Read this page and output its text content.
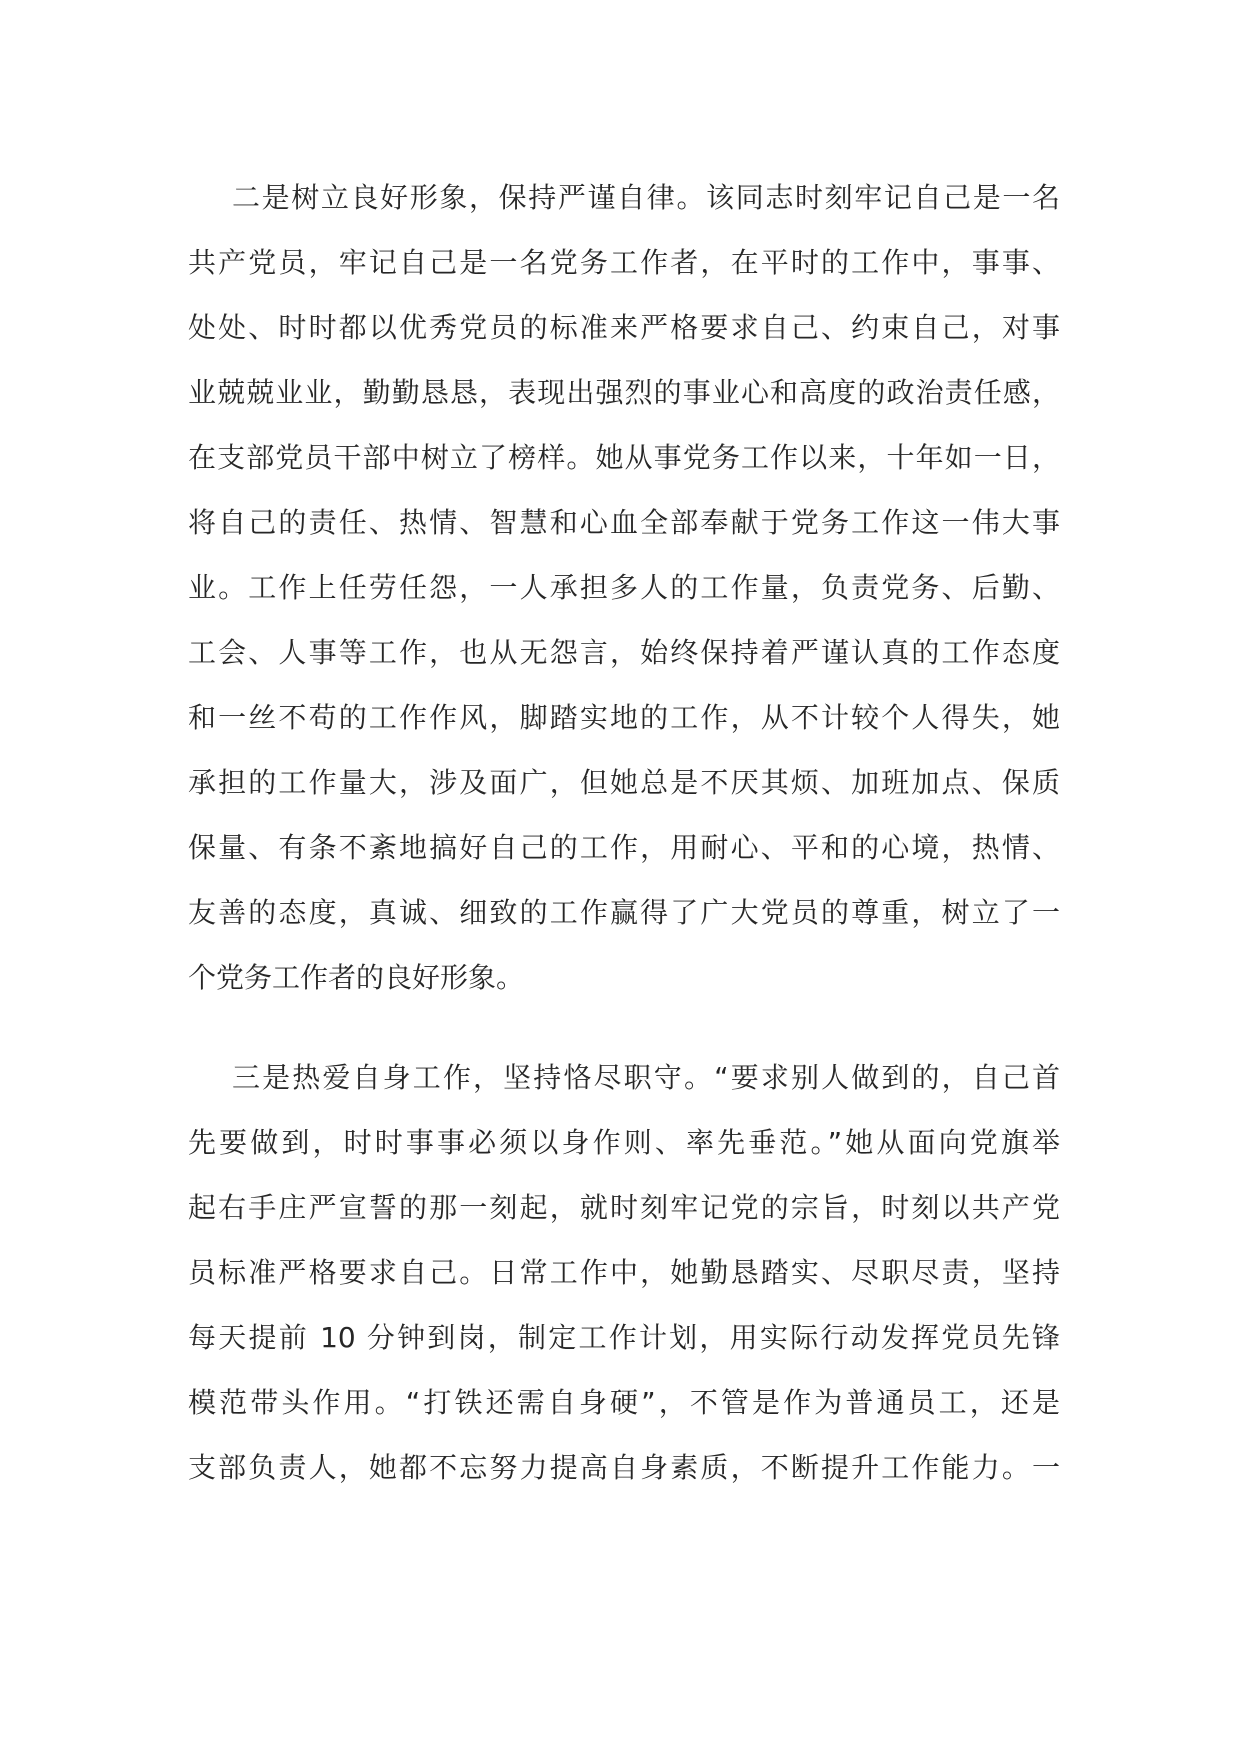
二是树立良好形象，保持严谨自律。该同志时刻牢记自己是一名
共产党员，牢记自己是一名党务工作者，在平时的工作中，事事、
处处、时时都以优秀党员的标准来严格要求自己、约束自己，对事
业兢兢业业，勤勤恳恳，表现出强烈的事业心和高度的政治责任感，
在支部党员干部中树立了榜样。她从事党务工作以来，十年如一日，
将自己的责任、热情、智慧和心血全部奉献于党务工作这一伟大事
业。工作上任劳任怨，一人承担多人的工作量，负责党务、后勤、
工会、人事等工作，也从无怨言，始终保持着严谨认真的工作态度
和一丝不苟的工作作风，脚踏实地的工作，从不计较个人得失，她
承担的工作量大，涉及面广，但她总是不厌其烦、加班加点、保质
保量、有条不紊地搞好自己的工作，用耐心、平和的心境，热情、
友善的态度，真诚、细致的工作赢得了广大党员的尊重，树立了一
个党务工作者的良好形象。
三是热爱自身工作，坚持恪尽职守。“要求别人做到的，自己首
先要做到，时时事事必须以身作则、率先垂范。”她从面向党旗举
起右手庄严宣誓的那一刻起，就时刻牢记党的宗旨，时刻以共产党
员标准严格要求自己。日常工作中，她勤恳踏实、尽职尽责，坚持
每天提前 10 分钟到岗，制定工作计划，用实际行动发挥党员先锋
模范带头作用。“打铁还需自身硬”，不管是作为普通员工，还是
支部负责人，她都不忘努力提高自身素质，不断提升工作能力。一
